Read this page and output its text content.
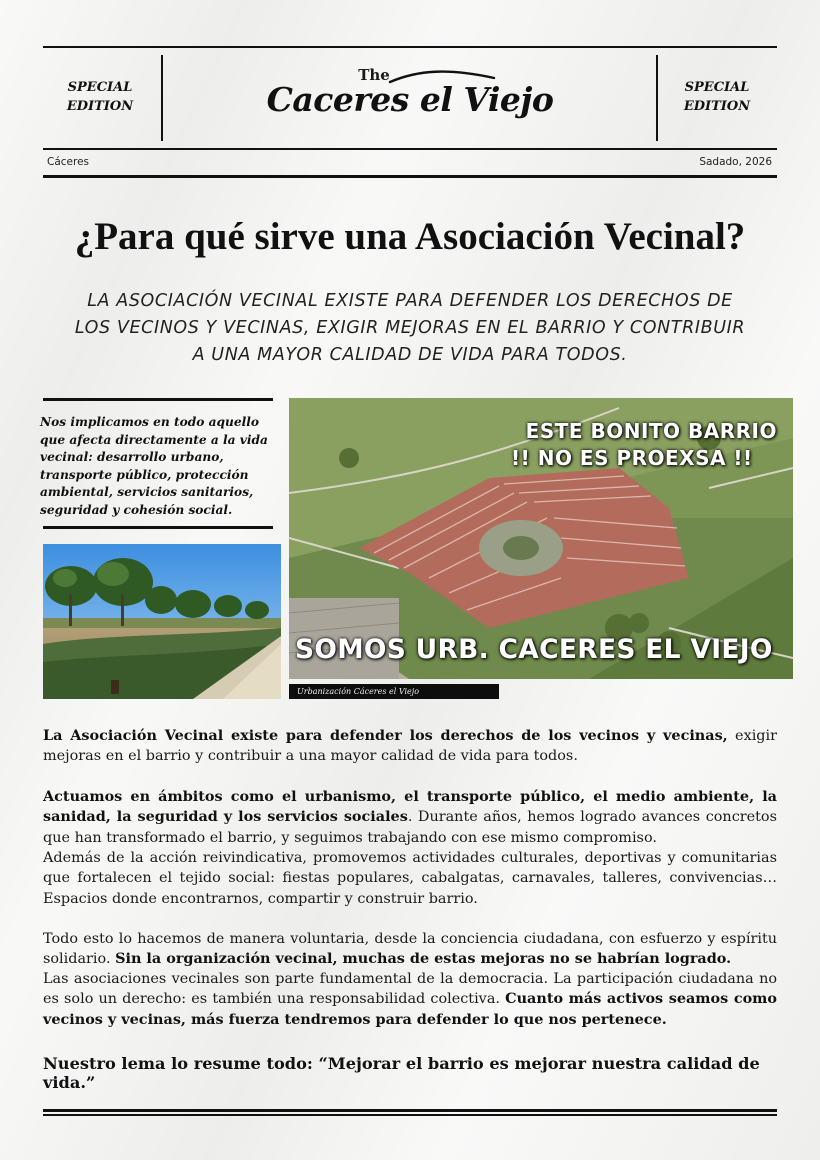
SPECIAL
EDITION
SPECIAL
EDITION
The
Caceres el Viejo
Cáceres	Sadado, 2026
¿Para qué sirve una Asociación Vecinal?
LA ASOCIACIÓN VECINAL EXISTE PARA DEFENDER LOS DERECHOS DE LOS VECINOS Y VECINAS, EXIGIR MEJORAS EN EL BARRIO Y CONTRIBUIR A UNA MAYOR CALIDAD DE VIDA PARA TODOS.
Nos implicamos en todo aquello que afecta directamente a la vida vecinal: desarrollo urbano, transporte público, protección ambiental, servicios sanitarios, seguridad y cohesión social.
ESTE BONITO BARRIO
!! NO ES PROEXSA !!
SOMOS URB. CACERES EL VIEJO
Urbanización Cáceres el Viejo
La Asociación Vecinal existe para defender los derechos de los vecinos y vecinas, exigir mejoras en el barrio y contribuir a una mayor calidad de vida para todos.
Actuamos en ámbitos como el urbanismo, el transporte público, el medio ambiente, la sanidad, la seguridad y los servicios sociales. Durante años, hemos logrado avances concretos que han transformado el barrio, y seguimos trabajando con ese mismo compromiso.
Además de la acción reivindicativa, promovemos actividades culturales, deportivas y comunitarias que fortalecen el tejido social: fiestas populares, cabalgatas, carnavales, talleres, convivencias… Espacios donde encontrarnos, compartir y construir barrio.
Todo esto lo hacemos de manera voluntaria, desde la conciencia ciudadana, con esfuerzo y espíritu solidario. Sin la organización vecinal, muchas de estas mejoras no se habrían logrado.
Las asociaciones vecinales son parte fundamental de la democracia. La participación ciudadana no es solo un derecho: es también una responsabilidad colectiva. Cuanto más activos seamos como vecinos y vecinas, más fuerza tendremos para defender lo que nos pertenece.
Nuestro lema lo resume todo: “Mejorar el barrio es mejorar nuestra calidad de vida.”
